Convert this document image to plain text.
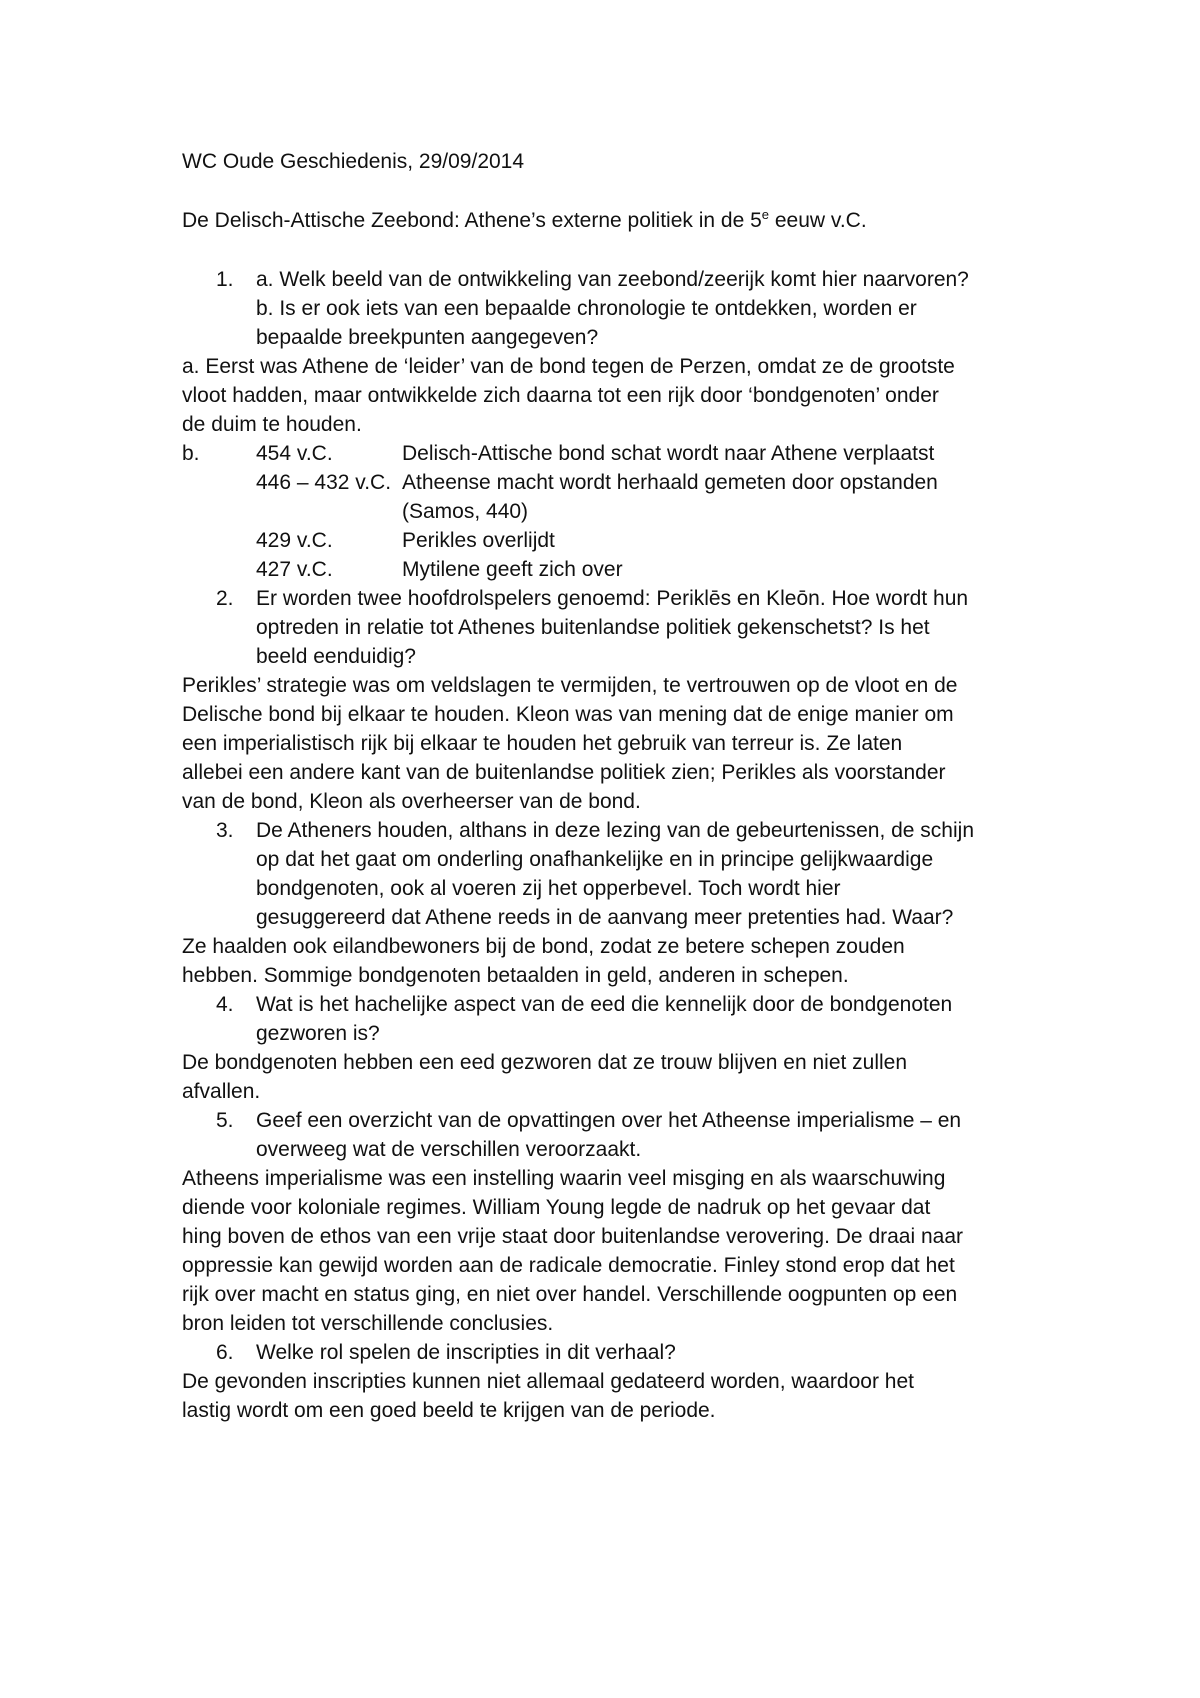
WC Oude Geschiedenis, 29/09/2014
De Delisch-Attische Zeebond: Athene’s externe politiek in de 5e eeuw v.C.
1. a. Welk beeld van de ontwikkeling van zeebond/zeerijk komt hier naarvoren?
b. Is er ook iets van een bepaalde chronologie te ontdekken, worden er
bepaalde breekpunten aangegeven?
a. Eerst was Athene de ‘leider’ van de bond tegen de Perzen, omdat ze de grootste
vloot hadden, maar ontwikkelde zich daarna tot een rijk door ‘bondgenoten’ onder
de duim te houden.
b.	454 v.C.	Delisch-Attische bond schat wordt naar Athene verplaatst
446 – 432 v.C. Atheense macht wordt herhaald gemeten door opstanden
(Samos, 440)
429 v.C.	Perikles overlijdt
427 v.C.	Mytilene geeft zich over
2. Er worden twee hoofdrolspelers genoemd: Periklēs en Kleōn. Hoe wordt hun
optreden in relatie tot Athenes buitenlandse politiek gekenschetst? Is het
beeld eenduidig?
Perikles’ strategie was om veldslagen te vermijden, te vertrouwen op de vloot en de
Delische bond bij elkaar te houden. Kleon was van mening dat de enige manier om
een imperialistisch rijk bij elkaar te houden het gebruik van terreur is. Ze laten
allebei een andere kant van de buitenlandse politiek zien; Perikles als voorstander
van de bond, Kleon als overheerser van de bond.
3. De Atheners houden, althans in deze lezing van de gebeurtenissen, de schijn
op dat het gaat om onderling onafhankelijke en in principe gelijkwaardige
bondgenoten, ook al voeren zij het opperbevel. Toch wordt hier
gesuggereerd dat Athene reeds in de aanvang meer pretenties had. Waar?
Ze haalden ook eilandbewoners bij de bond, zodat ze betere schepen zouden
hebben. Sommige bondgenoten betaalden in geld, anderen in schepen.
4. Wat is het hachelijke aspect van de eed die kennelijk door de bondgenoten
gezworen is?
De bondgenoten hebben een eed gezworen dat ze trouw blijven en niet zullen
afvallen.
5. Geef een overzicht van de opvattingen over het Atheense imperialisme – en
overweeg wat de verschillen veroorzaakt.
Atheens imperialisme was een instelling waarin veel misging en als waarschuwing
diende voor koloniale regimes. William Young legde de nadruk op het gevaar dat
hing boven de ethos van een vrije staat door buitenlandse verovering. De draai naar
oppressie kan gewijd worden aan de radicale democratie. Finley stond erop dat het
rijk over macht en status ging, en niet over handel. Verschillende oogpunten op een
bron leiden tot verschillende conclusies.
6. Welke rol spelen de inscripties in dit verhaal?
De gevonden inscripties kunnen niet allemaal gedateerd worden, waardoor het
lastig wordt om een goed beeld te krijgen van de periode.
